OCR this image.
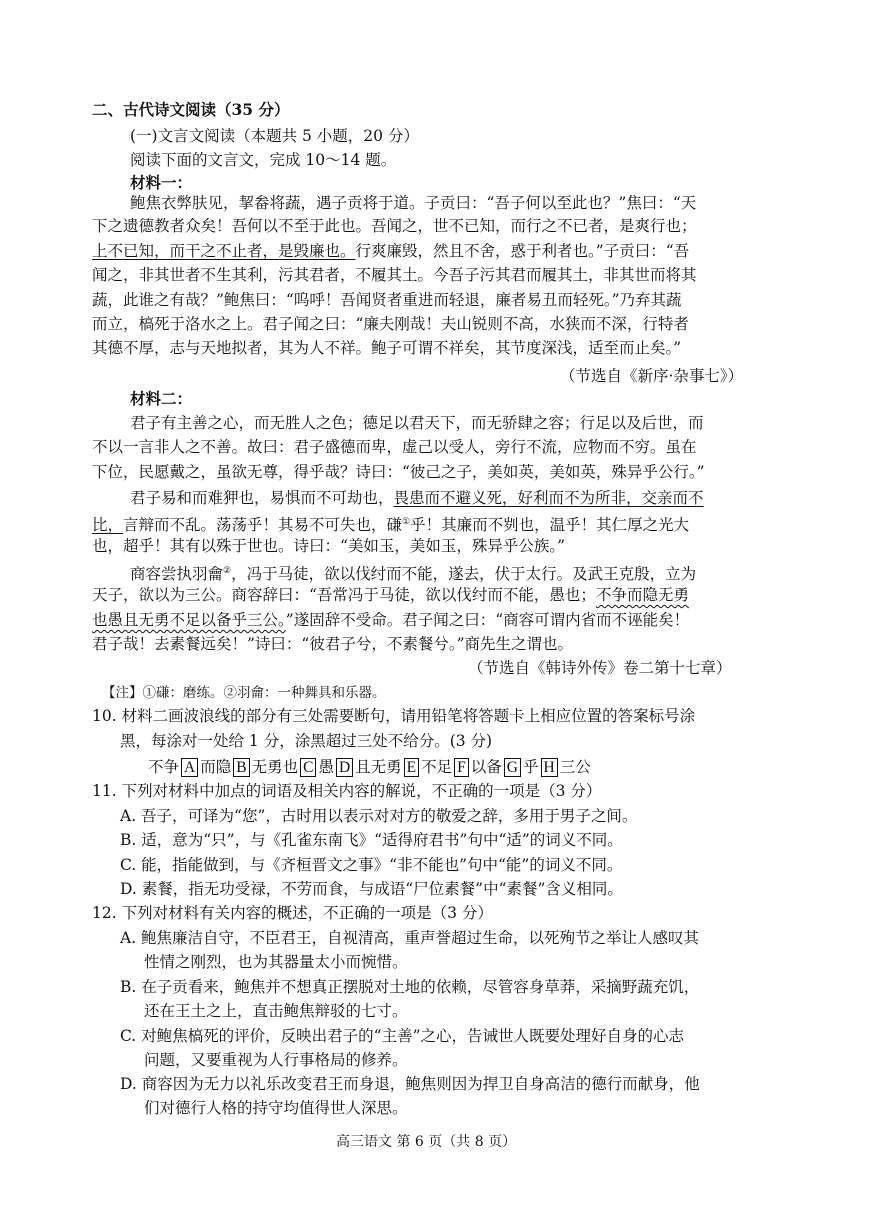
二、古代诗文阅读（35 分）
(一)文言文阅读（本题共 5 小题，20 分）
阅读下面的文言文，完成 10～14 题。
材料一：
鲍焦衣弊肤见，挈畚将蔬，遇子贡将于道。子贡曰：“吾子何以至此也？”焦曰：“天
下之遗德教者众矣！吾何以不至于此也。吾闻之，世不已知，而行之不已者，是爽行也；
上不已知，而干之不止者，是毁廉也。行爽廉毁，然且不舍，惑于利者也。”子贡曰：“吾
闻之，非其世者不生其利，污其君者，不履其土。今吾子污其君而履其土，非其世而将其
蔬，此谁之有哉？”鲍焦曰：“呜呼！吾闻贤者重进而轻退，廉者易丑而轻死。”乃弃其蔬
而立，槁死于洛水之上。君子闻之曰：“廉夫刚哉！夫山锐则不高，水狭而不深，行特者
其德不厚，志与天地拟者，其为人不祥。鲍子可谓不祥矣，其节度深浅，适至而止矣。”
（节选自《新序·杂事七》）
材料二：
君子有主善之心，而无胜人之色；德足以君天下，而无骄肆之容；行足以及后世，而
不以一言非人之不善。故曰：君子盛德而卑，虚己以受人，旁行不流，应物而不穷。虽在
下位，民愿戴之，虽欲无尊，得乎哉？诗曰：“彼己之子，美如英，美如英，殊异乎公行。”
君子易和而难狎也，易惧而不可劫也，畏患而不避义死，好利而不为所非，交亲而不
比，言辩而不乱。荡荡乎！其易不可失也，磏①乎！其廉而不刿也，温乎！其仁厚之光大
也，超乎！其有以殊于世也。诗曰：“美如玉，美如玉，殊异乎公族。”
商容尝执羽龠②，冯于马徒，欲以伐纣而不能，遂去，伏于太行。及武王克殷，立为
天子，欲以为三公。商容辞曰：“吾常冯于马徒，欲以伐纣而不能，愚也；不争而隐无勇
也愚且无勇不足以备乎三公。”遂固辞不受命。君子闻之曰：“商容可谓内省而不诬能矣！
君子哉！去素餐远矣！”诗曰：“彼君子兮，不素餐兮。”商先生之谓也。
（节选自《韩诗外传》卷二第十七章）
【注】①磏：磨练。②羽龠：一种舞具和乐器。
10. 材料二画波浪线的部分有三处需要断句，请用铅笔将答题卡上相应位置的答案标号涂
黑，每涂对一处给 1 分，涂黑超过三处不给分。(3 分)
不争 A 而隐 B 无勇也 C 愚 D 且无勇 E 不足 F 以备 G 乎 H 三公
11. 下列对材料中加点的词语及相关内容的解说，不正确的一项是（3 分）
A. 吾子，可译为“您”，古时用以表示对对方的敬爱之辞，多用于男子之间。
B. 适，意为“只”，与《孔雀东南飞》“适得府君书”句中“适”的词义不同。
C. 能，指能做到，与《齐桓晋文之事》“非不能也”句中“能”的词义不同。
D. 素餐，指无功受禄，不劳而食，与成语“尸位素餐”中“素餐”含义相同。
12. 下列对材料有关内容的概述，不正确的一项是（3 分）
A. 鲍焦廉洁自守，不臣君王，自视清高，重声誉超过生命，以死殉节之举让人感叹其
性情之刚烈，也为其器量太小而惋惜。
B. 在子贡看来，鲍焦并不想真正摆脱对土地的依赖，尽管容身草莽，采摘野蔬充饥，
还在王土之上，直击鲍焦辩驳的七寸。
C. 对鲍焦槁死的评价，反映出君子的“主善”之心，告诫世人既要处理好自身的心志
问题，又要重视为人行事格局的修养。
D. 商容因为无力以礼乐改变君王而身退，鲍焦则因为捍卫自身高洁的德行而献身，他
们对德行人格的持守均值得世人深思。
高三语文 第 6 页（共 8 页）
